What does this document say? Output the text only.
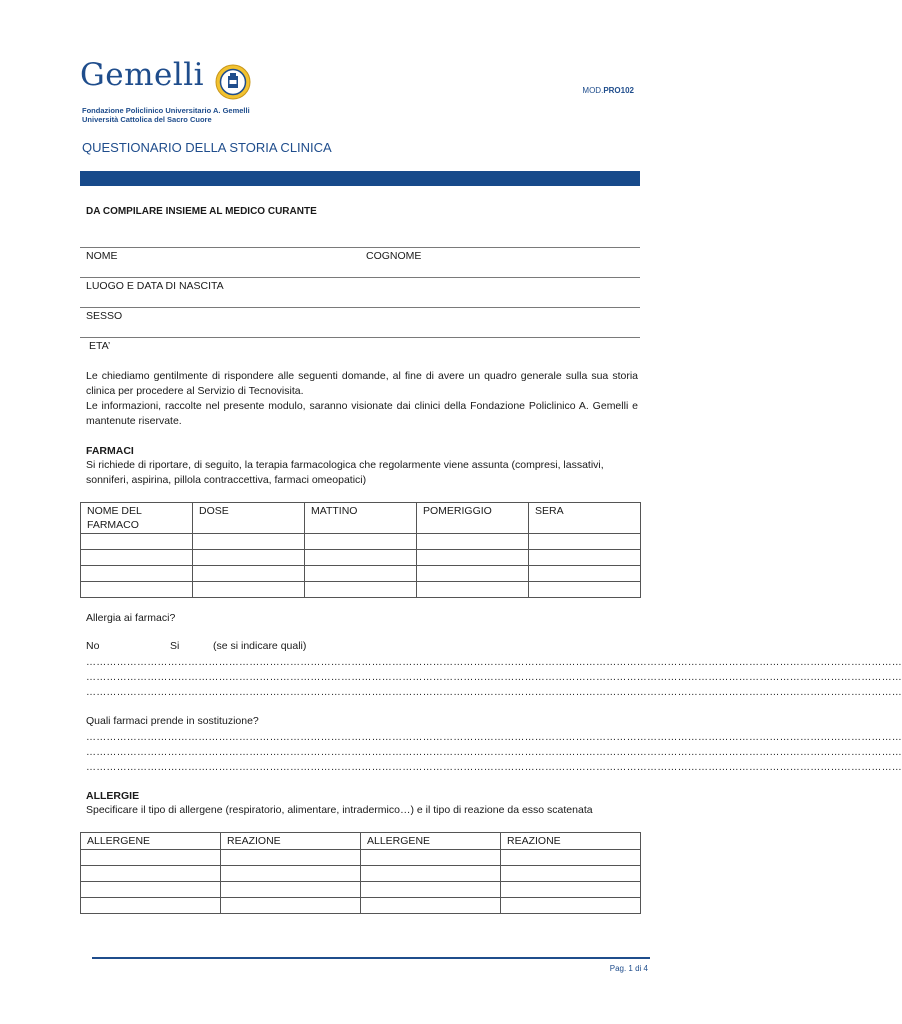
Gemelli
Fondazione Policlinico Universitario A. Gemelli
Università Cattolica del Sacro Cuore
MOD.PRO102
QUESTIONARIO DELLA STORIA CLINICA
DA COMPILARE INSIEME AL MEDICO CURANTE
NOME	COGNOME
LUOGO E DATA DI NASCITA
SESSO
ETA’
Le chiediamo gentilmente di rispondere alle seguenti domande, al fine di avere un quadro generale sulla sua storia clinica per procedere al Servizio di Tecnovisita.
Le informazioni, raccolte nel presente modulo, saranno visionate dai clinici della Fondazione Policlinico A. Gemelli e mantenute riservate.
FARMACI
Si richiede di riportare, di seguito, la terapia farmacologica che regolarmente viene assunta (compresi, lassativi, sonniferi, aspirina, pillola contraccettiva, farmaci omeopatici)
NOME DEL FARMACO	DOSE	MATTINO	POMERIGGIO	SERA

Allergia ai farmaci?
No	Si	(se si indicare quali)
……………………………………………………………………………………………………………………………………………………………………………………………………………………
……………………………………………………………………………………………………………………………………………………………………………………………………………………
……………………………………………………………………………………………………………………………………………………………………………………………………………………
Quali farmaci prende in sostituzione?
……………………………………………………………………………………………………………………………………………………………………………………………………………………
……………………………………………………………………………………………………………………………………………………………………………………………………………………
……………………………………………………………………………………………………………………………………………………………………………………………………………………
ALLERGIE
Specificare il tipo di allergene (respiratorio, alimentare, intradermico…) e il tipo di reazione da esso scatenata
ALLERGENE	REAZIONE	ALLERGENE	REAZIONE

Pag. 1 di 4
